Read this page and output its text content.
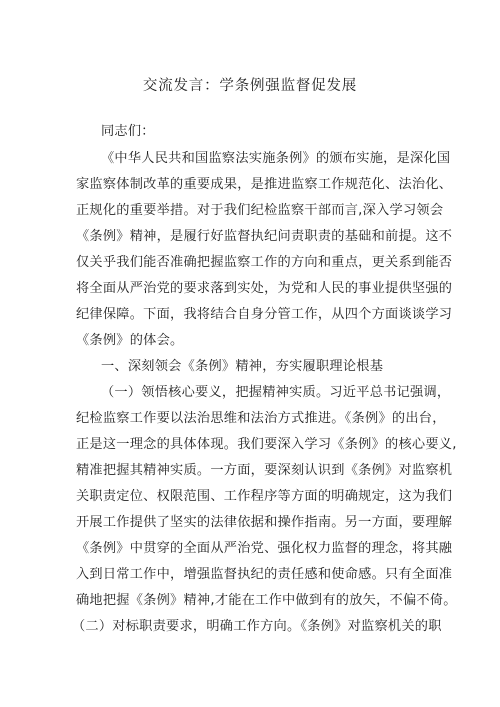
交流发言：学条例强监督促发展
同志们：
《中华人民共和国监察法实施条例》的颁布实施，是深化国
家监察体制改革的重要成果，是推进监察工作规范化、法治化、
正规化的重要举措。对于我们纪检监察干部而言,深入学习领会
《条例》精神，是履行好监督执纪问责职责的基础和前提。这不
仅关乎我们能否准确把握监察工作的方向和重点，更关系到能否
将全面从严治党的要求落到实处，为党和人民的事业提供坚强的
纪律保障。下面，我将结合自身分管工作，从四个方面谈谈学习
《条例》的体会。
一、深刻领会《条例》精神，夯实履职理论根基
（一）领悟核心要义，把握精神实质。习近平总书记强调，
纪检监察工作要以法治思维和法治方式推进。《条例》的出台，
正是这一理念的具体体现。我们要深入学习《条例》的核心要义,
精准把握其精神实质。一方面，要深刻认识到《条例》对监察机
关职责定位、权限范围、工作程序等方面的明确规定，这为我们
开展工作提供了坚实的法律依据和操作指南。另一方面，要理解
《条例》中贯穿的全面从严治党、强化权力监督的理念，将其融
入到日常工作中，增强监督执纪的责任感和使命感。只有全面准
确地把握《条例》精神,才能在工作中做到有的放矢，不偏不倚。
（二）对标职责要求，明确工作方向。《条例》对监察机关的职
